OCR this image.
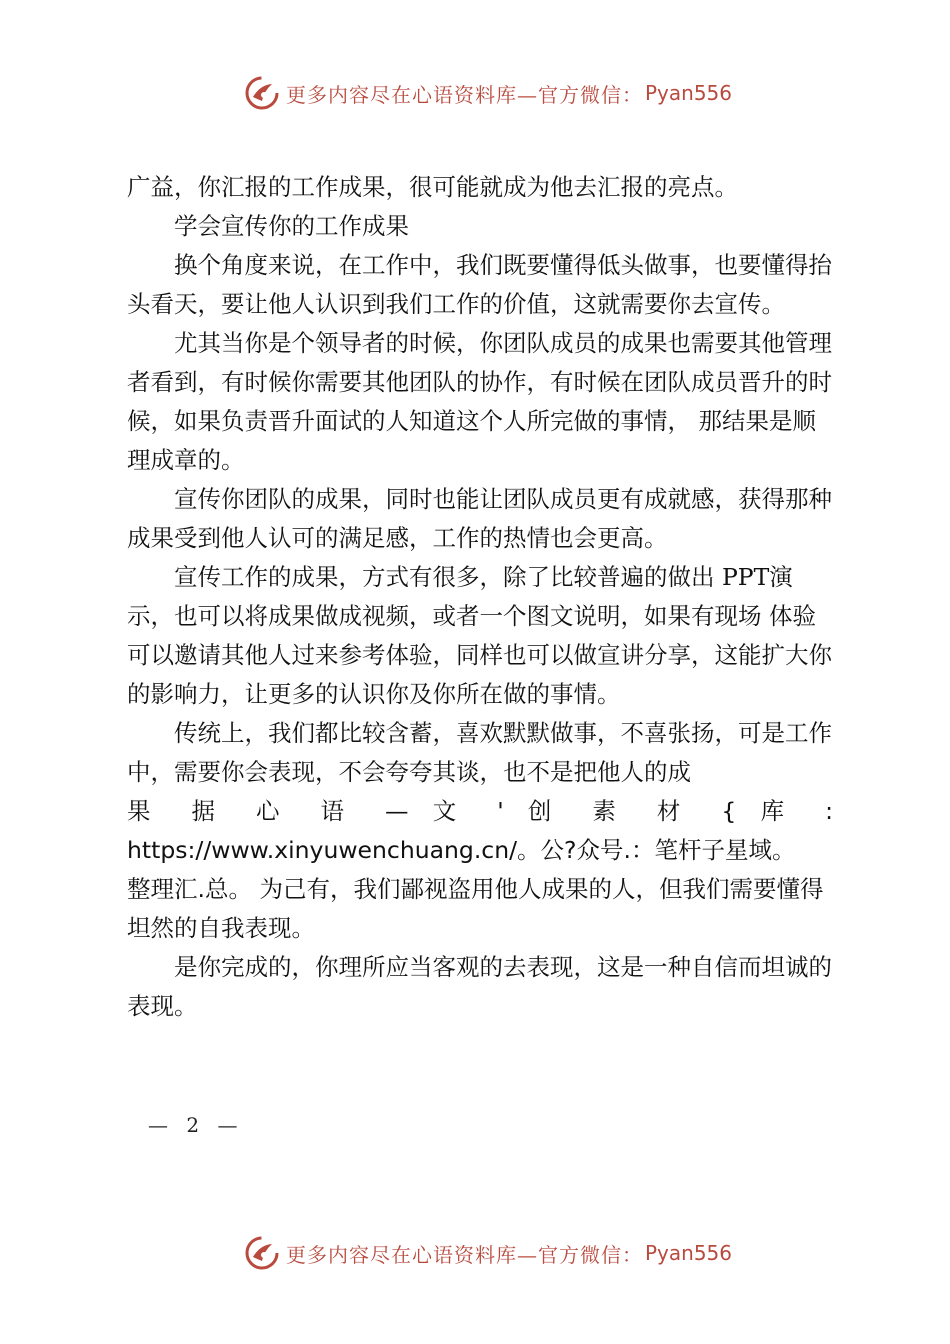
更多内容尽在心语资料库—官方微信： Pyan556

广益，你汇报的工作成果，很可能就成为他去汇报的亮点。

学会宣传你的工作成果

换个角度来说，在工作中，我们既要懂得低头做事，也要懂得抬头看天，要让他人认识到我们工作的价值，这就需要你去宣传。

尤其当你是个领导者的时候，你团队成员的成果也需要其他管理者看到，有时候你需要其他团队的协作，有时候在团队成员晋升的时候，如果负责晋升面试的人知道这个人所完做的事情， 那结果是顺理成章的。

宣传你团队的成果，同时也能让团队成员更有成就感，获得那种成果受到他人认可的满足感，工作的热情也会更高。

宣传工作的成果，方式有很多，除了比较普遍的做出 PPT演示，也可以将成果做成视频，或者一个图文说明，如果有现场 体验可以邀请其他人过来参考体验，同样也可以做宣讲分享，这能扩大你的影响力，让更多的认识你及你所在做的事情。

传统上，我们都比较含蓄，喜欢默默做事，不喜张扬，可是工作中，需要你会表现，不会夸夸其谈，也不是把他人的成

果 据 心 语 — 文 ' 创 素 材 { 库 :

https://www.xinyuwenchuang.cn/。公?众号.：笔杆子星域。

整理汇.总。 为己有，我们鄙视盗用他人成果的人，但我们需要懂得坦然的自我表现。

是你完成的，你理所应当客观的去表现，这是一种自信而坦诚的表现。

— 2 —
更多内容尽在心语资料库—官方微信： Pyan556
